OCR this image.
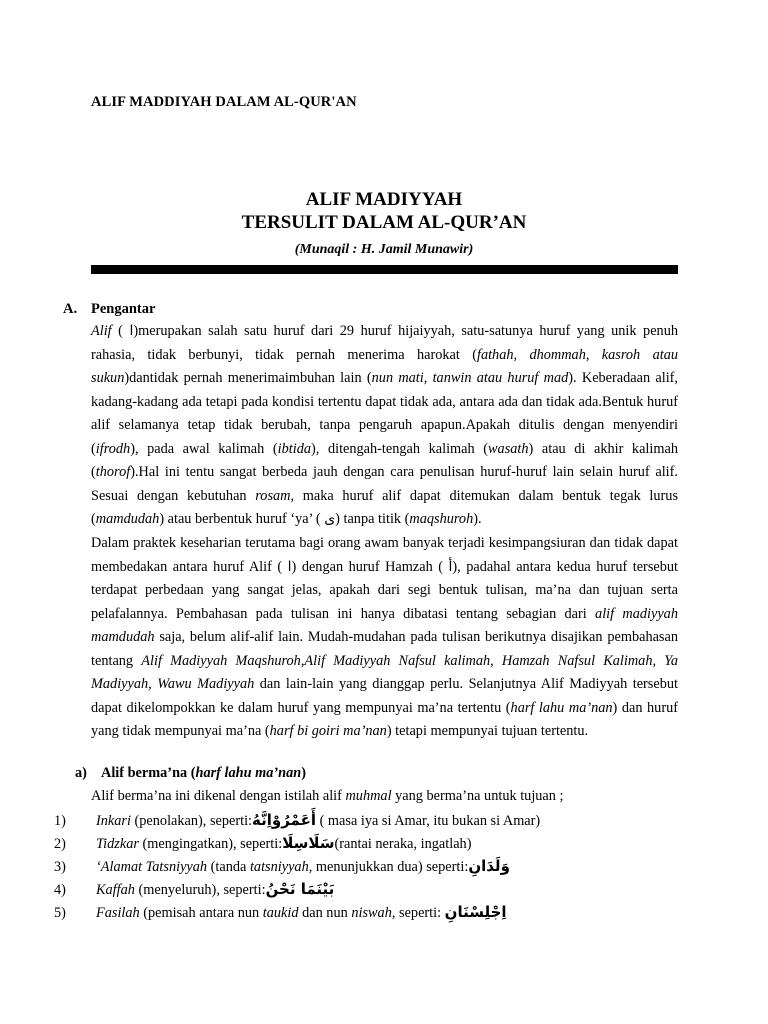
ALIF MADDIYAH DALAM AL-QUR'AN
ALIF MADIYYAH
TERSULIT DALAM AL-QUR’AN
(Munaqil : H. Jamil Munawir)
A. Pengantar
Alif ( ا)merupakan salah satu huruf dari 29 huruf hijaiyyah, satu-satunya huruf yang unik penuh rahasia, tidak berbunyi, tidak pernah menerima harokat (fathah, dhommah, kasroh atau sukun)dantidak pernah menerimaimbuhan lain (nun mati, tanwin atau huruf mad). Keberadaan alif, kadang-kadang ada tetapi pada kondisi tertentu dapat tidak ada, antara ada dan tidak ada.Bentuk huruf alif selamanya tetap tidak berubah, tanpa pengaruh apapun.Apakah ditulis dengan menyendiri (ifrodh), pada awal kalimah (ibtida), ditengah-tengah kalimah (wasath) atau di akhir kalimah (thorof).Hal ini tentu sangat berbeda jauh dengan cara penulisan huruf-huruf lain selain huruf alif. Sesuai dengan kebutuhan rosam, maka huruf alif dapat ditemukan dalam bentuk tegak lurus (mamdudah) atau berbentuk huruf ‘ya’ ( ى) tanpa titik (maqshuroh).
Dalam praktek keseharian terutama bagi orang awam banyak terjadi kesimpangsiuran dan tidak dapat membedakan antara huruf Alif ( ا) dengan huruf Hamzah ( أ), padahal antara kedua huruf tersebut terdapat perbedaan yang sangat jelas, apakah dari segi bentuk tulisan, ma’na dan tujuan serta pelafalannya. Pembahasan pada tulisan ini hanya dibatasi tentang sebagian dari alif madiyyah mamdudah saja, belum alif-alif lain. Mudah-mudahan pada tulisan berikutnya disajikan pembahasan tentang Alif Madiyyah Maqshuroh,Alif Madiyyah Nafsul kalimah, Hamzah Nafsul Kalimah, Ya Madiyyah, Wawu Madiyyah dan lain-lain yang dianggap perlu. Selanjutnya Alif Madiyyah tersebut dapat dikelompokkan ke dalam huruf yang mempunyai ma’na tertentu (harf lahu ma’nan) dan huruf yang tidak mempunyai ma’na (harf bi goiri ma’nan) tetapi mempunyai tujuan tertentu.
a) Alif berma’na (harf lahu ma’nan)
Alif berma’na ini dikenal dengan istilah alif muhmal yang berma’na untuk tujuan ;
1) Inkari (penolakan), seperti:أَعَمْرُوْاِنَّهُ ( masa iya si Amar, itu bukan si Amar)
2) Tidzkar (mengingatkan), seperti:سَلَاسِلَا(rantai neraka, ingatlah)
3) ‘Alamat Tatsniyyah (tanda tatsniyyah, menunjukkan dua) seperti:وَلَدَانِ
4) Kaffah (menyeluruh), seperti:بَيْنَمَا نَحْنُ
5) Fasilah (pemisah antara nun taukid dan nun niswah, seperti: اِجْلِسْنَانِ
